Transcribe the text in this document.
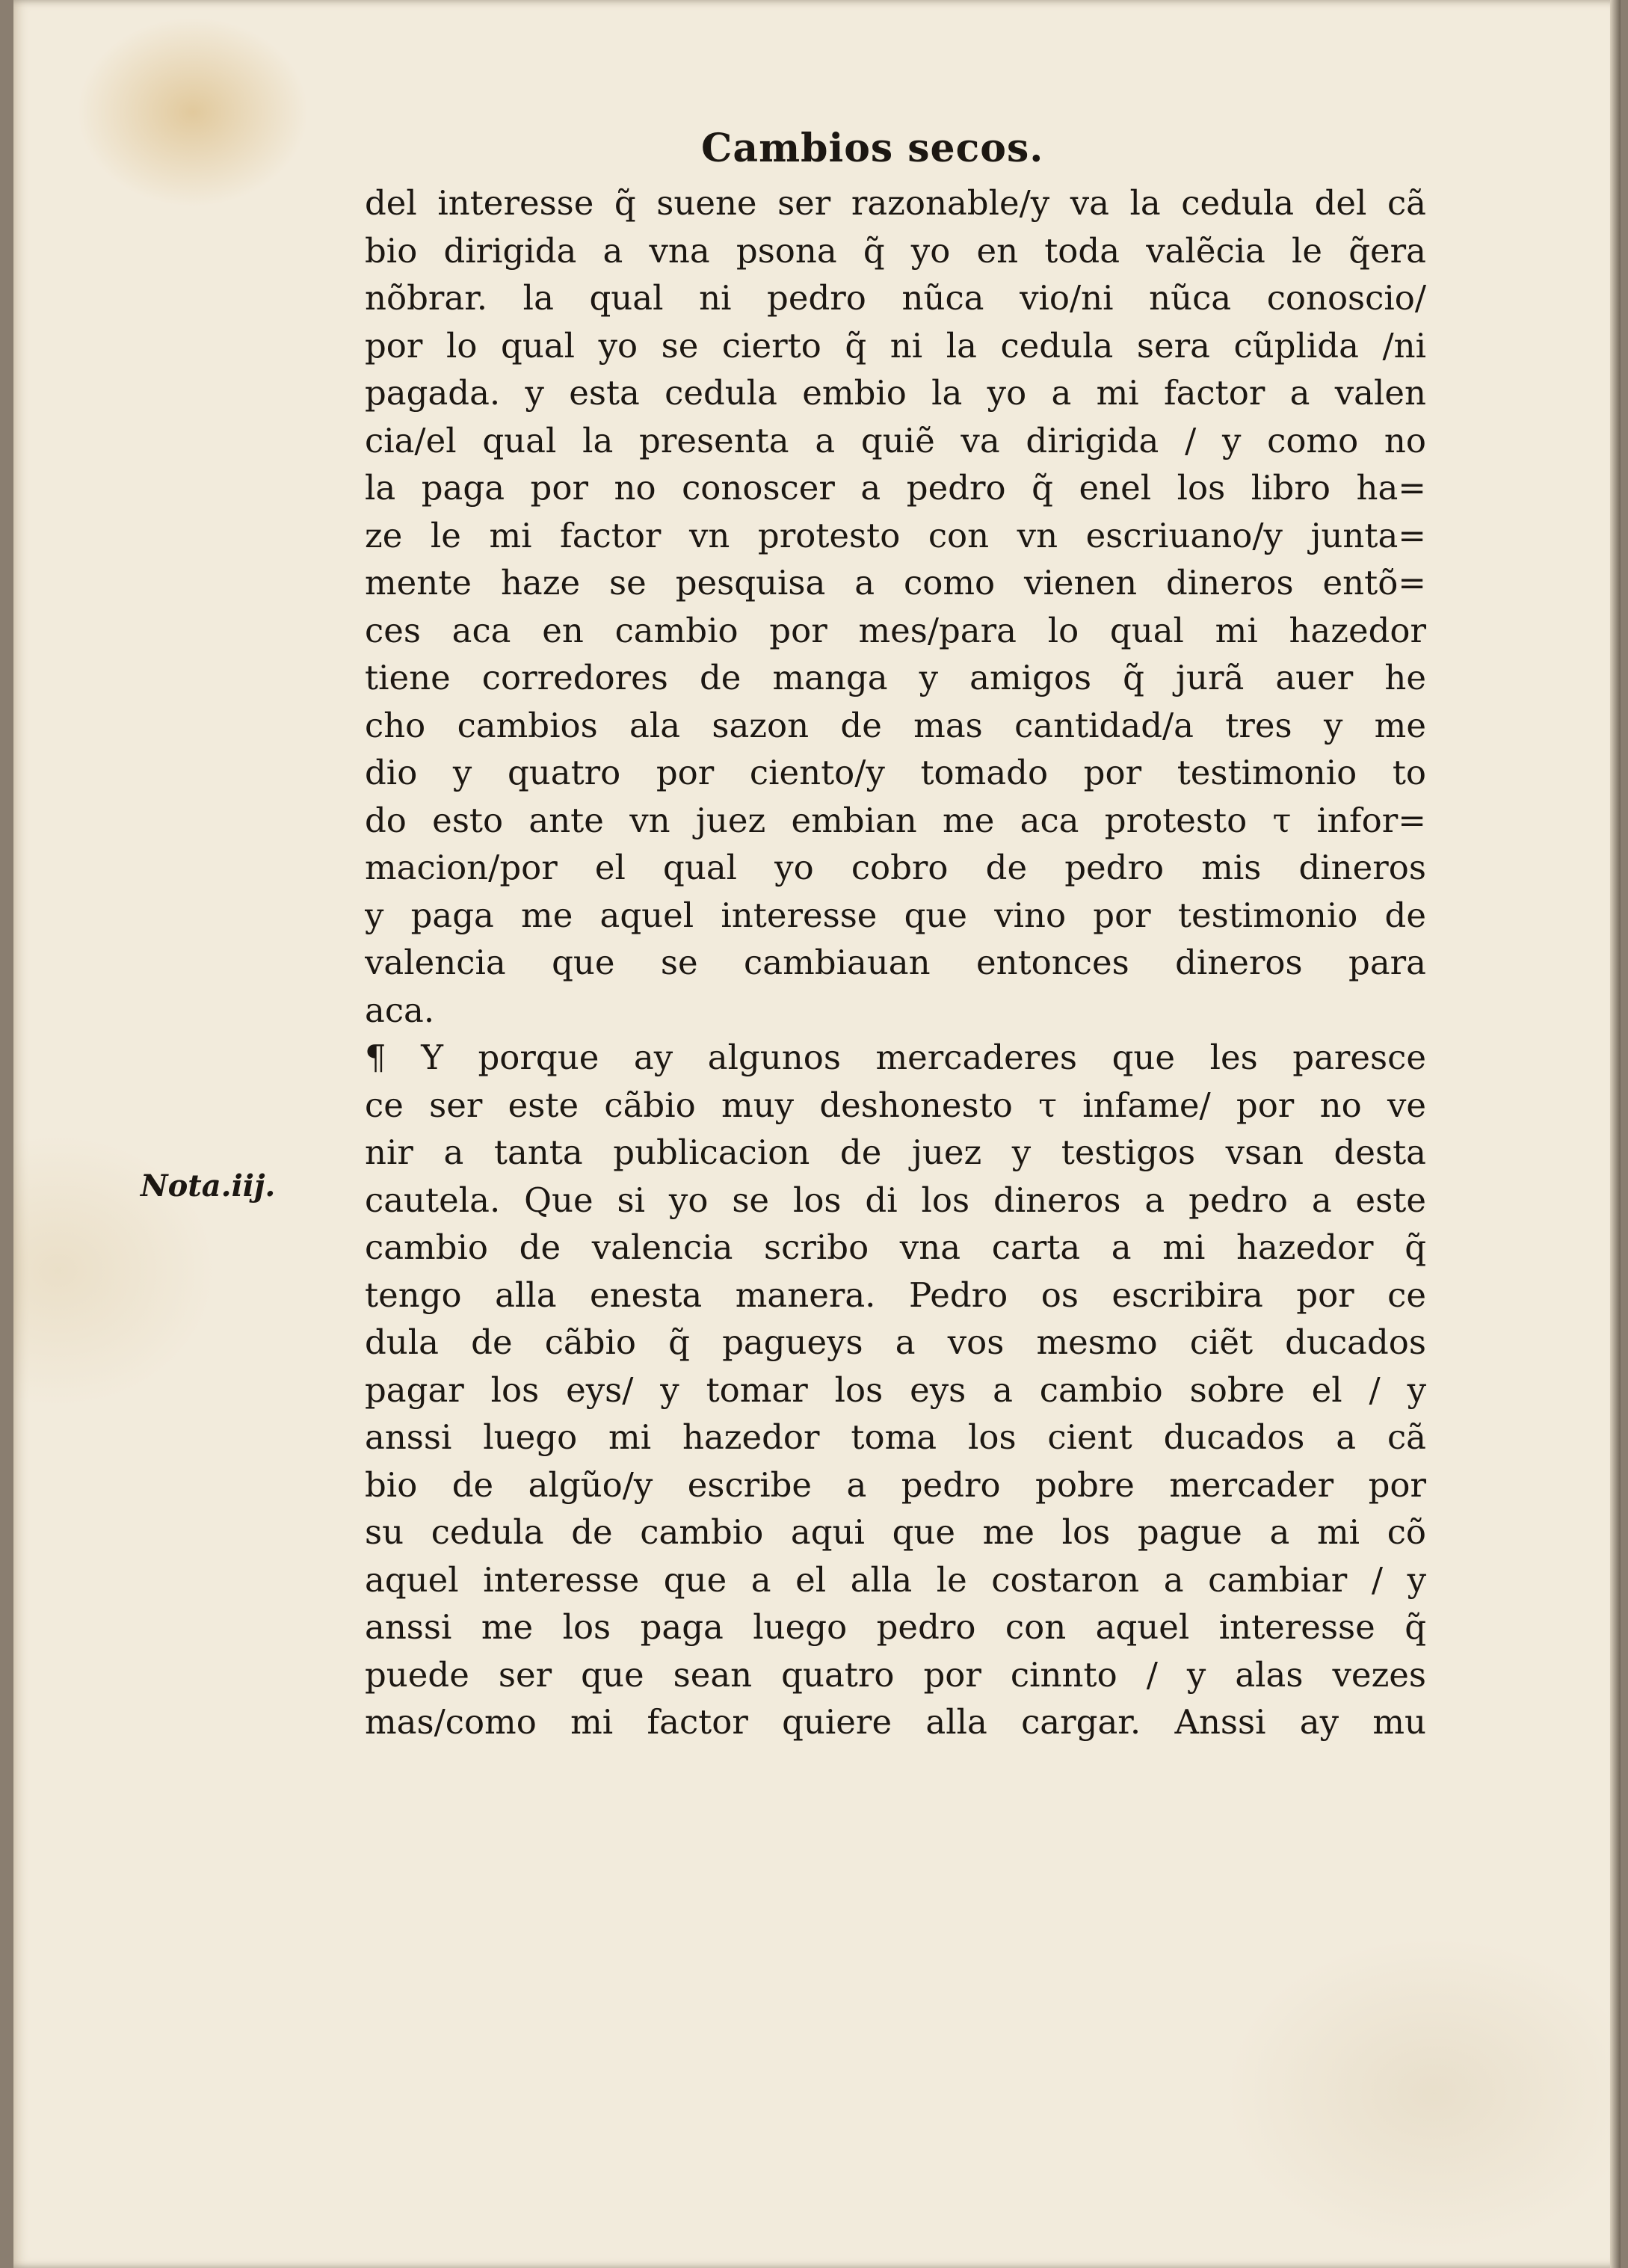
Cambios secos.
Nota.iij.
del interesse q̃ suene ser razonable/y va la cedula del cã
bio dirigida a vna psona q̃ yo en toda valẽcia le q̃era
nõbrar. la qual ni pedro nũca vio/ni nũca conoscio/
por lo qual yo se cierto q̃ ni la cedula sera cũplida /ni
pagada. y esta cedula embio la yo a mi factor a valen
cia/el qual la presenta a quiẽ va dirigida / y como no
la paga por no conoscer a pedro q̃ enel los libro ha=
ze le mi factor vn protesto con vn escriuano/y junta=
mente haze se pesquisa a como vienen dineros entõ=
ces aca en cambio por mes/para lo qual mi hazedor
tiene corredores de manga y amigos q̃ jurã auer he
cho cambios ala sazon de mas cantidad/a tres y me
dio y quatro por ciento/y tomado por testimonio to
do esto ante vn juez embian me aca protesto τ infor=
macion/por el qual yo cobro de pedro mis dineros
y paga me aquel interesse que vino por testimonio de
valencia que se cambiauan entonces dineros para
aca.
¶ Y porque ay algunos mercaderes que les paresce
ce ser este cãbio muy deshonesto τ infame/ por no ve
nir a tanta publicacion de juez y testigos vsan desta
cautela. Que si yo se los di los dineros a pedro a este
cambio de valencia scribo vna carta a mi hazedor q̃
tengo alla enesta manera. Pedro os escribira por ce
dula de cãbio q̃ pagueys a vos mesmo ciẽt ducados
pagar los eys/ y tomar los eys a cambio sobre el / y
anssi luego mi hazedor toma los cient ducados a cã
bio de algũo/y escribe a pedro pobre mercader por
su cedula de cambio aqui que me los pague a mi cõ
aquel interesse que a el alla le costaron a cambiar / y
anssi me los paga luego pedro con aquel interesse q̃
puede ser que sean quatro por cinnto / y alas vezes
mas/como mi factor quiere alla cargar. Anssi ay mu
